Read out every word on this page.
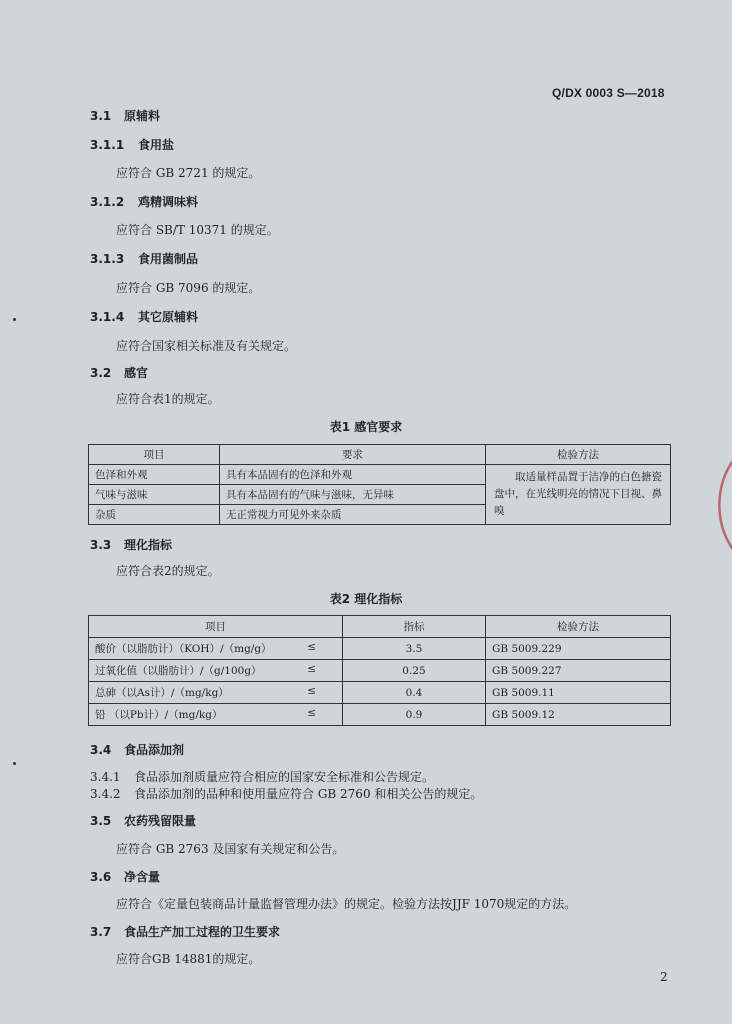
Q/DX 0003 S—2018
3.1 原辅料
3.1.1 食用盐
应符合 GB 2721 的规定。
3.1.2 鸡精调味料
应符合 SB/T 10371 的规定。
3.1.3 食用菌制品
应符合 GB 7096 的规定。
3.1.4 其它原辅料
应符合国家相关标准及有关规定。
3.2 感官
应符合表1的规定。
表1 感官要求
项目	要求	检验方法
色泽和外观	具有本品固有的色泽和外观	取适量样品置于洁净的白色搪瓷盘中，在光线明亮的情况下目视、鼻嗅
气味与滋味	具有本品固有的气味与滋味，无异味	
杂质	无正常视力可见外来杂质	
3.3 理化指标
应符合表2的规定。
表2 理化指标
项目	指标	检验方法
酸价（以脂肪计）（KOH）/（mg/g） ≤	3.5	GB 5009.229
过氧化值（以脂肪计）/（g/100g） ≤	0.25	GB 5009.227
总砷（以As计）/（mg/kg） ≤	0.4	GB 5009.11
铅 （以Pb计）/（mg/kg） ≤	0.9	GB 5009.12
3.4 食品添加剂
3.4.1 食品添加剂质量应符合相应的国家安全标准和公告规定。
3.4.2 食品添加剂的品种和使用量应符合 GB 2760 和相关公告的规定。
3.5 农药残留限量
应符合 GB 2763 及国家有关规定和公告。
3.6 净含量
应符合《定量包装商品计量监督管理办法》的规定。检验方法按JJF 1070规定的方法。
3.7 食品生产加工过程的卫生要求
应符合GB 14881的规定。
2
